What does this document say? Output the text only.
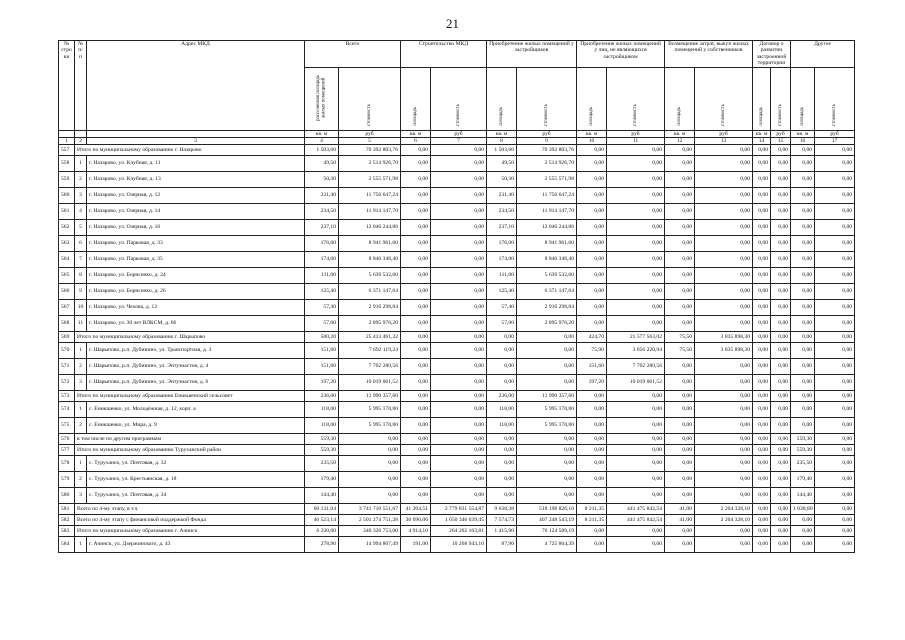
21
№ стро ки	№ п/п	Адрес МКД	Всего		Строительство МКД		Приобретение жилых помещений у застройщиков		Приобретение жилых помещений у лиц, не являющихся застройщиком		Возмещение затрат, выкуп жилых помещений у собственников		Договор о развитии застроенной территории		Другое	
			расселяемая площадь жилых помещений	стоимость	площадь	стоимость	площадь	стоимость	площадь	стоимость	площадь	стоимость	площадь	стоимость	площадь	стоимость
			кв. м	руб	кв. м	руб	кв. м	руб	кв. м	руб	кв. м	руб	кв. м	руб	кв. м	руб
1	2	3	4	5	6	7	8	9	10	11	12	13	14	15	16	17
557	Итого по муниципальному образованию г. Назарово		1 503,60	76 392 803,76	0,00	0,00	1 503,60	76 392 803,76	0,00	0,00	0,00	0,00	0,00	0,00	0,00	0,00
558	1	г. Назарово, ул. Клубная, д. 11	49,50	2 514 926,70	0,00	0,00	49,50	2 514 926,70	0,00	0,00	0,00	0,00	0,00	0,00	0,00	0,00
559	2	г. Назарово, ул. Клубная, д. 13	50,30	2 555 571,98	0,00	0,00	50,30	2 555 571,98	0,00	0,00	0,00	0,00	0,00	0,00	0,00	0,00
560	3	г. Назарово, ул. Озерная, д. 12	231,40	11 756 647,24	0,00	0,00	231,40	11 756 647,24	0,00	0,00	0,00	0,00	0,00	0,00	0,00	0,00
561	4	г. Назарово, ул. Озерная, д. 14	234,50	11 914 147,70	0,00	0,00	234,50	11 914 147,70	0,00	0,00	0,00	0,00	0,00	0,00	0,00	0,00
562	5	г. Назарово, ул. Озерная, д. 16	237,10	12 046 244,86	0,00	0,00	237,10	12 046 244,86	0,00	0,00	0,00	0,00	0,00	0,00	0,00	0,00
563	6	г. Назарово, ул. Парковая, д. 33	176,00	8 941 961,60	0,00	0,00	176,00	8 941 961,60	0,00	0,00	0,00	0,00	0,00	0,00	0,00	0,00
564	7	г. Назарово, ул. Парковая, д. 35	174,00	8 840 348,40	0,00	0,00	174,00	8 840 348,40	0,00	0,00	0,00	0,00	0,00	0,00	0,00	0,00
565	8	г. Назарово, ул. Борисенко, д. 24	111,00	5 639 532,60	0,00	0,00	111,00	5 639 532,60	0,00	0,00	0,00	0,00	0,00	0,00	0,00	0,00
566	9	г. Назарово, ул. Борисенко, д. 26	125,40	6 371 147,64	0,00	0,00	125,40	6 371 147,64	0,00	0,00	0,00	0,00	0,00	0,00	0,00	0,00
567	10	г. Назарово, ул. Чехова, д. 12	57,40	2 916 298,84	0,00	0,00	57,40	2 916 298,84	0,00	0,00	0,00	0,00	0,00	0,00	0,00	0,00
568	11	г. Назарово, ул. 30 лет ВЛКСМ, д. 66	57,00	2 895 976,20	0,00	0,00	57,00	2 895 976,20	0,00	0,00	0,00	0,00	0,00	0,00	0,00	0,00
569	Итого по муниципальному образованию г. Шарыпово		500,20	25 413 461,32	0,00	0,00	0,00	0,00	424,70	21 577 563,02	75,50	3 835 898,30	0,00	0,00	0,00	0,00
570	1	г. Шарыпово, р.п. Дубинино, ул. Транспортная, д. 3	151,60	7 692 119,24	0,00	0,00	0,00	0,00	75,90	3 856 220,94	75,50	3 835 898,30	0,00	0,00	0,00	0,00
571	2	г. Шарыпово, р.п. Дубинино, ул. Энтузиастов, д. 4	151,60	7 702 280,56	0,00	0,00	0,00	0,00	151,60	7 702 280,56	0,00	0,00	0,00	0,00	0,00	0,00
572	3	г. Шарыпово, р.п. Дубинино, ул. Энтузиастов, д. 6	197,20	10 019 061,52	0,00	0,00	0,00	0,00	197,20	10 019 061,52	0,00	0,00	0,00	0,00	0,00	0,00
573	Итого по муниципальному образованию Еникшенский сельсовет		236,00	11 990 357,60	0,00	0,00	236,00	11 990 357,60	0,00	0,00	0,00	0,00	0,00	0,00	0,00	0,00
574	1	с. Еникшенко, ул. Молодёжная, д. 12, корп. а	118,00	5 995 178,80	0,00	0,00	118,00	5 995 178,80	0,00	0,00	0,00	0,00	0,00	0,00	0,00	0,00
575	2	с. Еникшенко, ул. Мира, д. 9	118,00	5 995 178,80	0,00	0,00	118,00	5 995 178,80	0,00	0,00	0,00	0,00	0,00	0,00	0,00	0,00
576	в том числе по другим программам		559,30	0,00	0,00	0,00	0,00	0,00	0,00	0,00	0,00	0,00	0,00	0,00	559,30	0,00
577	Итого по муниципальному образованию Туруханский район		559,30	0,00	0,00	0,00	0,00	0,00	0,00	0,00	0,00	0,00	0,00	0,00	559,30	0,00
578	1	с. Туруханск, ул. Почтовая, д. 32	235,50	0,00	0,00	0,00	0,00	0,00	0,00	0,00	0,00	0,00	0,00	0,00	235,50	0,00
579	2	с. Туруханск, ул. Крестьянская, д. 18	179,40	0,00	0,00	0,00	0,00	0,00	0,00	0,00	0,00	0,00	0,00	0,00	179,40	0,00
580	3	с. Туруханск, ул. Почтовая, д. 34	144,40	0,00	0,00	0,00	0,00	0,00	0,00	0,00	0,00	0,00	0,00	0,00	144,40	0,00
581	Всего по 4-му этапу, в т.ч.		60 131,04	3 741 710 551,67	41 204,51	2 779 831 554,87	9 638,38	518 198 826,16	8 211,35	441 475 842,54	41,00	2 204 328,10	0,00	0,00	1 038,80	0,00
582	Всего по 4-му этапу с финансовой поддержкой Фонда		46 523,14	2 501 274 751,28	30 696,06	1 650 346 039,45	7 574,73	407 248 543,19	8 211,35	441 475 842,54	41,00	2 204 328,10	0,00	0,00	0,00	0,00
583	Итого по муниципальному образованию г. Ачинск		6 330,00	340 326 753,00	4 914,10	264 202 163,81	1 415,90	76 124 589,19	0,00	0,00	0,00	0,00	0,00	0,00	0,00	0,00
584	1	г. Ачинск, ул. Дзержинского, д. 43	278,90	14 994 807,49	191,00	10 268 943,10	87,90	4 725 864,39	0,00	0,00	0,00	0,00	0,00	0,00	0,00	0,00
